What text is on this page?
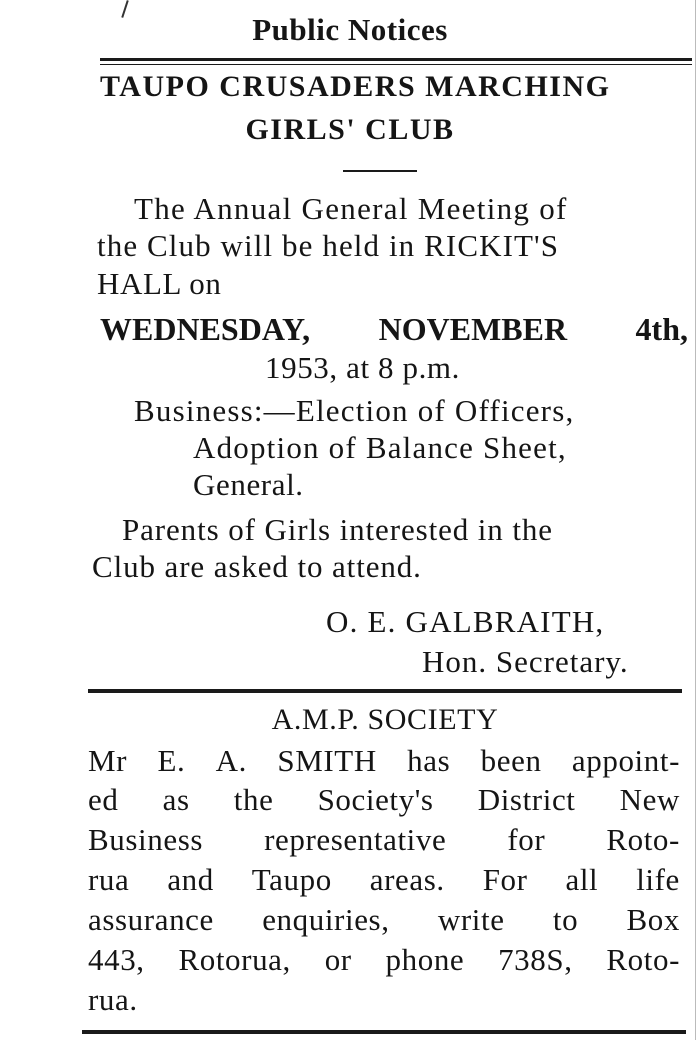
Public Notices
TAUPO CRUSADERS MARCHING
GIRLS' CLUB
The Annual General Meeting of
the Club will be held in RICKIT'S
HALL on
WEDNESDAY, NOVEMBER 4th,
1953, at 8 p.m.
Business:—Election of Officers,
Adoption of Balance Sheet,
General.
Parents of Girls interested in the
Club are asked to attend.
O. E. GALBRAITH,
Hon. Secretary.
A.M.P. SOCIETY
Mr E. A. SMITH has been appoint-
ed as the Society's District New
Business representative for Roto-
rua and Taupo areas. For all life
assurance enquiries, write to Box
443, Rotorua, or phone 738S, Roto-
rua.
